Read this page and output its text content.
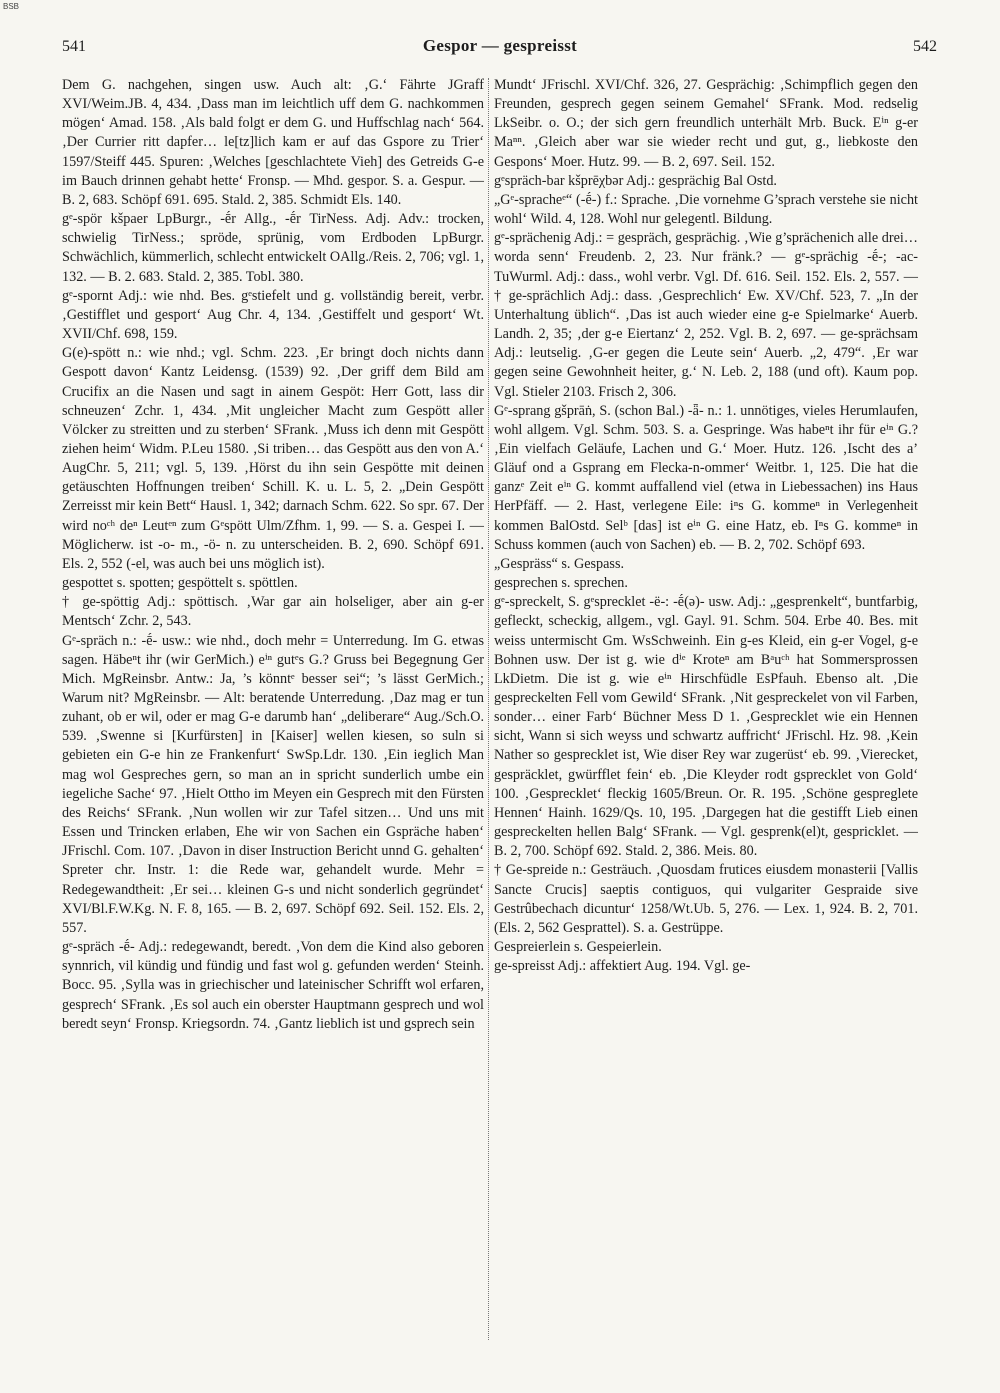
BSB
541	Gespor — gespreisst	542

Dem G. nachgehen, singen usw. Auch alt: ‚G.‘ Fährte JGraff XVI/Weim.JB. 4, 434. ‚Dass man im leichtlich uff dem G. nachkommen mögen‘ Amad. 158. ‚Als bald folgt er dem G. und Huffschlag nach‘ 564. ‚Der Currier ritt dapfer… le[tz]lich kam er auf das Gspore zu Trier‘ 1597/Steiff 445. Spuren: ‚Welches [geschlachtete Vieh] des Getreids G-e im Bauch drinnen gehabt hette‘ Fronsp. — Mhd. gespor. S. a. Gespur. — B. 2, 683. Schöpf 691. 695. Stald. 2, 385. Schmidt Els. 140.

gᵉ-spör kšpaer LpBurgr., -ḗr Allg., -ḗr TirNess. Adj. Adv.: trocken, schwielig TirNess.; spröde, sprünig, vom Erdboden LpBurgr. Schwächlich, kümmerlich, schlecht entwickelt OAllg./Reis. 2, 706; vgl. 1, 132. — B. 2. 683. Stald. 2, 385. Tobl. 380.

gᵉ-spornt Adj.: wie nhd. Bes. gᵉstiefelt und g. vollständig bereit, verbr. ‚Gestifflet und gesport‘ Aug Chr. 4, 134. ‚Gestiffelt und gesport‘ Wt. XVII/Chf. 698, 159.

G(e)-spött n.: wie nhd.; vgl. Schm. 223. ‚Er bringt doch nichts dann Gespott davon‘ Kantz Leidensg. (1539) 92. ‚Der griff dem Bild am Crucifix an die Nasen und sagt in ainem Gespöt: Herr Gott, lass dir schneuzen‘ Zchr. 1, 434. ‚Mit ungleicher Macht zum Gespött aller Völcker zu streitten und zu sterben‘ SFrank. ‚Muss ich denn mit Gespött ziehen heim‘ Widm. P.Leu 1580. ‚Si triben… das Gespött aus den von A.‘ AugChr. 5, 211; vgl. 5, 139. ‚Hörst du ihn sein Gespötte mit deinen getäuschten Hoffnungen treiben‘ Schill. K. u. L. 5, 2. „Dein Gespött Zerreisst mir kein Bett“ Hausl. 1, 342; darnach Schm. 622. So spr. 67. Der wird noᶜʰ deⁿ Leutᵉⁿ zum Gᵉspött Ulm/Zfhm. 1, 99. — S. a. Gespei I. — Möglicherw. ist -o- m., -ö- n. zu unterscheiden. B. 2, 690. Schöpf 691. Els. 2, 552 (-el, was auch bei uns möglich ist).

gespottet s. spotten; gespöttelt s. spöttlen.

† ge-spöttig Adj.: spöttisch. ‚War gar ain holseliger, aber ain g-er Mentsch‘ Zchr. 2, 543.

Gᵉ-spräch n.: -ḗ- usw.: wie nhd., doch mehr = Unterredung. Im G. etwas sagen. Häbeⁿt ihr (wir GerMich.) eⁱⁿ gutᵉs G.? Gruss bei Begegnung Ger Mich. MgReinsbr. Antw.: Ja, ’s könntᵉ besser sei“; ’s lässt GerMich.; Warum nit? MgReinsbr. — Alt: beratende Unterredung. ‚Daz mag er tun zuhant, ob er wil, oder er mag G-e darumb han‘ „deliberare“ Aug./Sch.O. 539. ‚Swenne si [Kurfürsten] in [Kaiser] wellen kiesen, so suln si gebieten ein G-e hin ze Frankenfurt‘ SwSp.Ldr. 130. ‚Ein ieglich Man mag wol Gespreches gern, so man an in spricht sunderlich umbe ein iegeliche Sache‘ 97. ‚Hielt Ottho im Meyen ein Gesprech mit den Fürsten des Reichs‘ SFrank. ‚Nun wollen wir zur Tafel sitzen… Und uns mit Essen und Trincken erlaben, Ehe wir von Sachen ein Gspräche haben‘ JFrischl. Com. 107. ‚Davon in diser Instruction Bericht unnd G. gehalten‘ Spreter chr. Instr. 1: die Rede war, gehandelt wurde. Mehr = Redegewandtheit: ‚Er sei… kleinen G-s und nicht sonderlich gegründet‘ XVI/Bl.F.W.Kg. N. F. 8, 165. — B. 2, 697. Schöpf 692. Seil. 152. Els. 2, 557.

gᵉ-spräch -ḗ- Adj.: redegewandt, beredt. ‚Von dem die Kind also geboren synnrich, vil kündig und fündig und fast wol g. gefunden werden‘ Steinh. Bocc. 95. ‚Sylla was in griechischer und lateinischer Schrifft wol erfaren, gesprech‘ SFrank. ‚Es sol auch ein oberster Hauptmann gesprech und wol beredt seyn‘ Fronsp. Kriegsordn. 74. ‚Gantz lieblich ist und gsprech sein

Mundt‘ JFrischl. XVI/Chf. 326, 27. Gesprächig: ‚Schimpflich gegen den Freunden, gesprech gegen seinem Gemahel‘ SFrank. Mod. redselig LkSeibr. o. O.; der sich gern freundlich unterhält Mrb. Buck. Eⁱⁿ g-er Maⁿⁿ. ‚Gleich aber war sie wieder recht und gut, g., liebkoste den Gespons‘ Moer. Hutz. 99. — B. 2, 697. Seil. 152.

gᵉspräch-bar kšprēχbər Adj.: gesprächig Bal Ostd.

„Gᵉ-spracheᵉ“ (-ḗ-) f.: Sprache. ‚Die vornehme G’sprach verstehe sie nicht wohl‘ Wild. 4, 128. Wohl nur gelegentl. Bildung.

gᵉ-sprächenig Adj.: = gespräch, gesprächig. ‚Wie g’sprächenich alle drei… worda senn‘ Freudenb. 2, 23. Nur fränk.? — gᵉ-sprächig -ḗ-; -ac-TuWurml. Adj.: dass., wohl verbr. Vgl. Df. 616. Seil. 152. Els. 2, 557. — † ge-sprächlich Adj.: dass. ‚Gesprechlich‘ Ew. XV/Chf. 523, 7. „In der Unterhaltung üblich“. ‚Das ist auch wieder eine g-e Spielmarke‘ Auerb. Landh. 2, 35; ‚der g-e Eiertanz‘ 2, 252. Vgl. B. 2, 697. — ge-sprächsam Adj.: leutselig. ‚G-er gegen die Leute sein‘ Auerb. „2, 479“. ‚Er war gegen seine Gewohnheit heiter, g.‘ N. Leb. 2, 188 (und oft). Kaum pop. Vgl. Stieler 2103. Frisch 2, 306.

Gᵉ-sprang gšprāṅ, S. (schon Bal.) -ǟ- n.: 1. unnötiges, vieles Herumlaufen, wohl allgem. Vgl. Schm. 503. S. a. Gespringe. Was habeⁿt ihr für eⁱⁿ G.? ‚Ein vielfach Geläufe, Lachen und G.‘ Moer. Hutz. 126. ‚Ischt des a’ Gläuf ond a Gsprang em Flecka-n-ommer‘ Weitbr. 1, 125. Die hat die ganzᵉ Zeit eⁱⁿ G. kommt auffallend viel (etwa in Liebessachen) ins Haus HerPfäff. — 2. Hast, verlegene Eile: iⁿs G. kommeⁿ in Verlegenheit kommen BalOstd. Selᵇ [das] ist eⁱⁿ G. eine Hatz, eb. Iⁿs G. kommeⁿ in Schuss kommen (auch von Sachen) eb. — B. 2, 702. Schöpf 693.

„Gespräss“ s. Gespass.

gesprechen s. sprechen.

gᵉ-spreckelt, S. gᵉsprecklet -ë-: -ḗ(ə)- usw. Adj.: „gesprenkelt“, buntfarbig, gefleckt, scheckig, allgem., vgl. Gayl. 91. Schm. 504. Erbe 40. Bes. mit weiss untermischt Gm. WsSchweinh. Ein g-es Kleid, ein g-er Vogel, g-e Bohnen usw. Der ist g. wie dⁱᵉ Kroteⁿ am Bᵃuᶜʰ hat Sommersprossen LkDietm. Die ist g. wie eⁱⁿ Hirschfüdle EsPfauh. Ebenso alt. ‚Die gespreckelten Fell vom Gewild‘ SFrank. ‚Nit gespreckelet von vil Farben, sonder… einer Farb‘ Büchner Mess D 1. ‚Gesprecklet wie ein Hennen sicht, Wann si sich weyss und schwartz auffricht‘ JFrischl. Hz. 98. ‚Kein Nather so gesprecklet ist, Wie diser Rey war zugerüst‘ eb. 99. ‚Vierecket, gespräcklet, gwürfflet fein‘ eb. ‚Die Kleyder rodt gsprecklet von Gold‘ 100. ‚Gesprecklet‘ fleckig 1605/Breun. Or. R. 195. ‚Schöne gespreglete Hennen‘ Hainh. 1629/Qs. 10, 195. ‚Dargegen hat die gestifft Lieb einen gespreckelten hellen Balg‘ SFrank. — Vgl. gesprenk(el)t, gespricklet. — B. 2, 700. Schöpf 692. Stald. 2, 386. Meis. 80.

† Ge-spreide n.: Gesträuch. ‚Quosdam frutices eiusdem monasterii [Vallis Sancte Crucis] saeptis contiguos, qui vulgariter Gespraide sive Gestrûbechach dicuntur‘ 1258/Wt.Ub. 5, 276. — Lex. 1, 924. B. 2, 701. (Els. 2, 562 Gesprattel). S. a. Gestrüppe.

Gespreierlein s. Gespeierlein.

ge-spreisst Adj.: affektiert Aug. 194. Vgl. ge-
